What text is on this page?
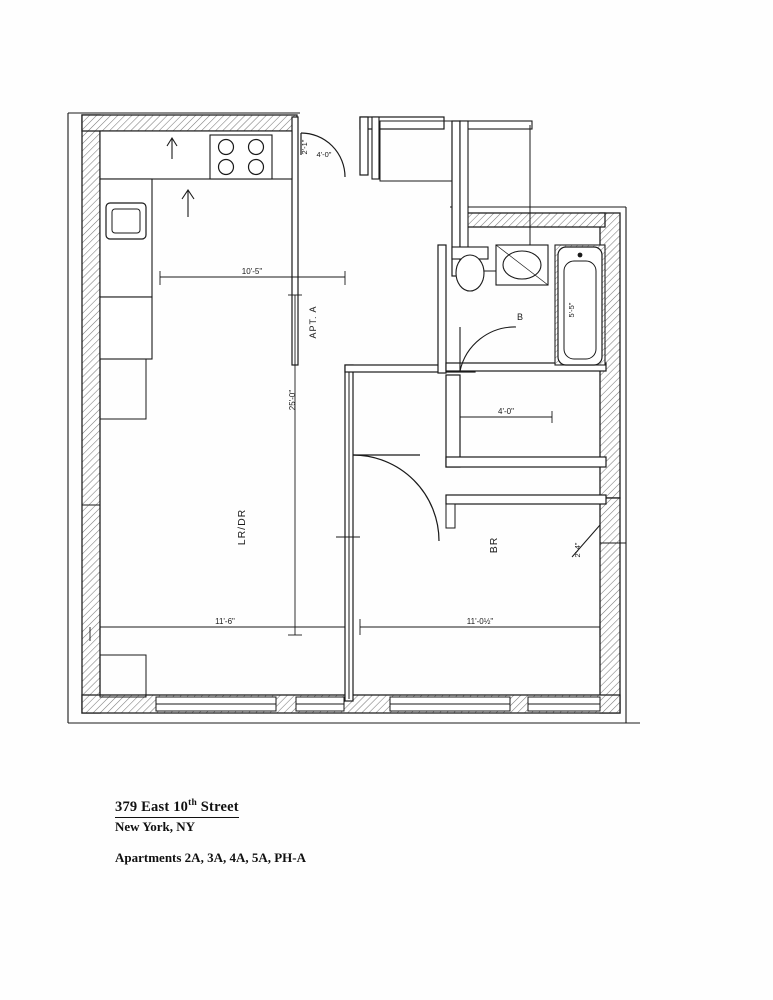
10'-5"
25'-0"
11'-6"	11'-0½"
4'-0"
4'-0"
5'-5"
2'-4"
2'-1"
APT. A
LR/DR	BR
B
379 East 10th Street
New York, NY
Apartments 2A, 3A, 4A, 5A, PH-A
